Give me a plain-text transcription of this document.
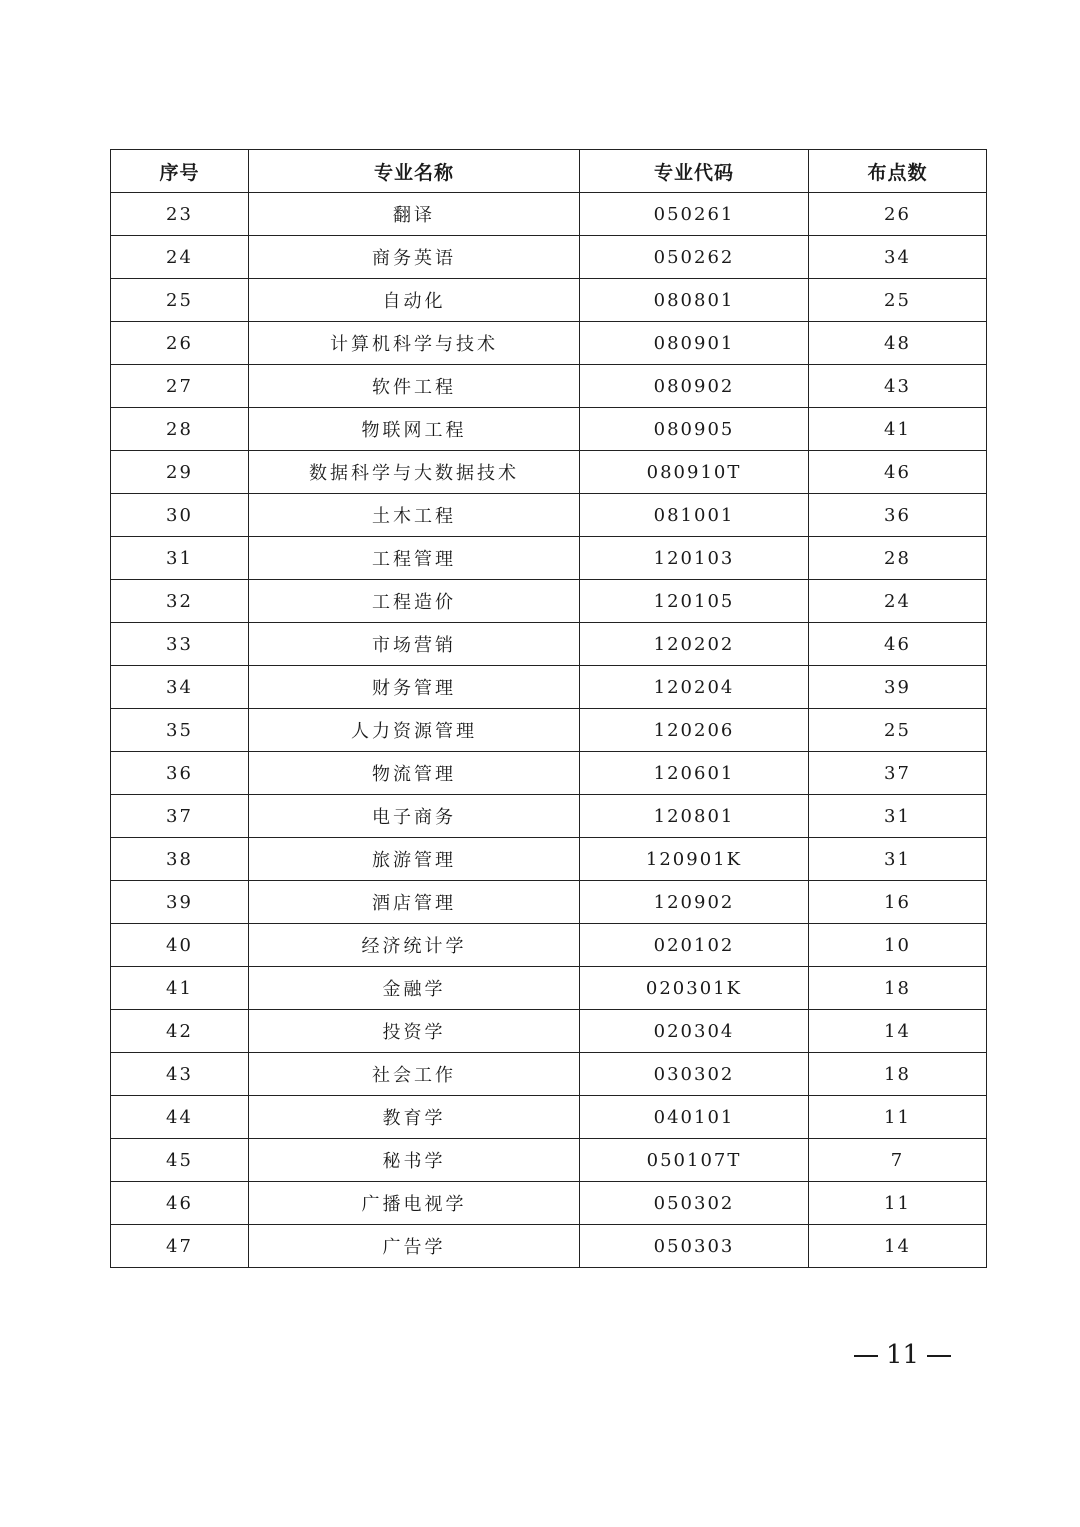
序号	专业名称	专业代码	布点数
23	翻译	050261	26
24	商务英语	050262	34
25	自动化	080801	25
26	计算机科学与技术	080901	48
27	软件工程	080902	43
28	物联网工程	080905	41
29	数据科学与大数据技术	080910T	46
30	土木工程	081001	36
31	工程管理	120103	28
32	工程造价	120105	24
33	市场营销	120202	46
34	财务管理	120204	39
35	人力资源管理	120206	25
36	物流管理	120601	37
37	电子商务	120801	31
38	旅游管理	120901K	31
39	酒店管理	120902	16
40	经济统计学	020102	10
41	金融学	020301K	18
42	投资学	020304	14
43	社会工作	030302	18
44	教育学	040101	11
45	秘书学	050107T	7
46	广播电视学	050302	11
47	广告学	050303	14
11
